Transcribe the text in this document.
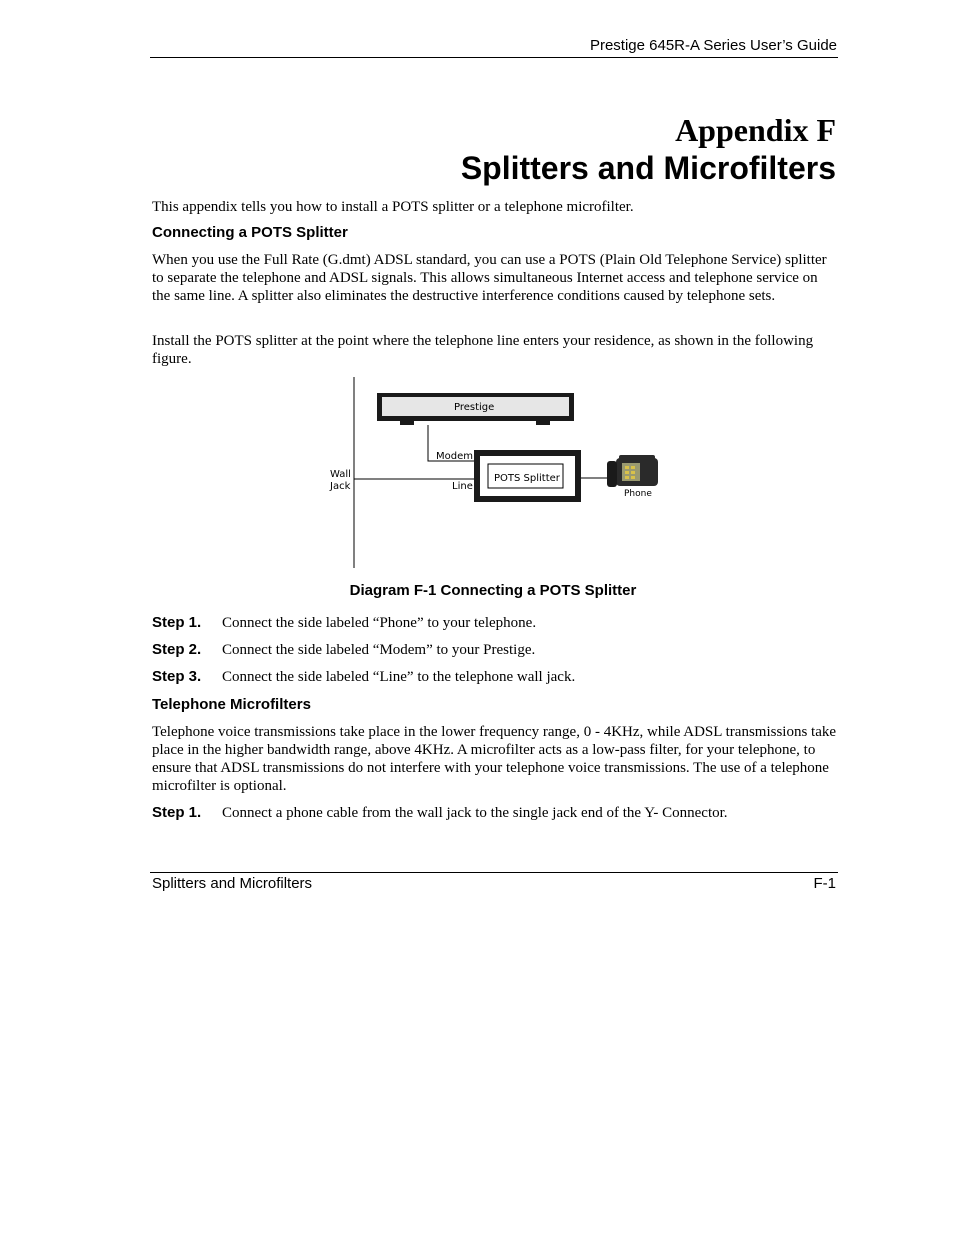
Prestige 645R-A Series User’s Guide
Appendix F
Splitters and Microfilters

This appendix tells you how to install a POTS splitter or a telephone microfilter.

Connecting a POTS Splitter

When you use the Full Rate (G.dmt) ADSL standard, you can use a POTS (Plain Old Telephone Service) splitter to separate the telephone and ADSL signals. This allows simultaneous Internet access and telephone service on the same line. A splitter also eliminates the destructive interference conditions caused by telephone sets.

Install the POTS splitter at the point where the telephone line enters your residence, as shown in the following figure.

Prestige
Modem
Wall
Jack	Line
POTS Splitter
Phone
Diagram F-1 Connecting a POTS Splitter
Step 1. Connect the side labeled “Phone” to your telephone.
Step 2. Connect the side labeled “Modem” to your Prestige.
Step 3. Connect the side labeled “Line” to the telephone wall jack.

Telephone Microfilters

Telephone voice transmissions take place in the lower frequency range, 0 - 4KHz, while ADSL transmissions take place in the higher bandwidth range, above 4KHz. A microfilter acts as a low-pass filter, for your telephone, to ensure that ADSL transmissions do not interfere with your telephone voice transmissions. The use of a telephone microfilter is optional.

Step 1. Connect a phone cable from the wall jack to the single jack end of the Y- Connector.
Splitters and Microfilters	F-1
